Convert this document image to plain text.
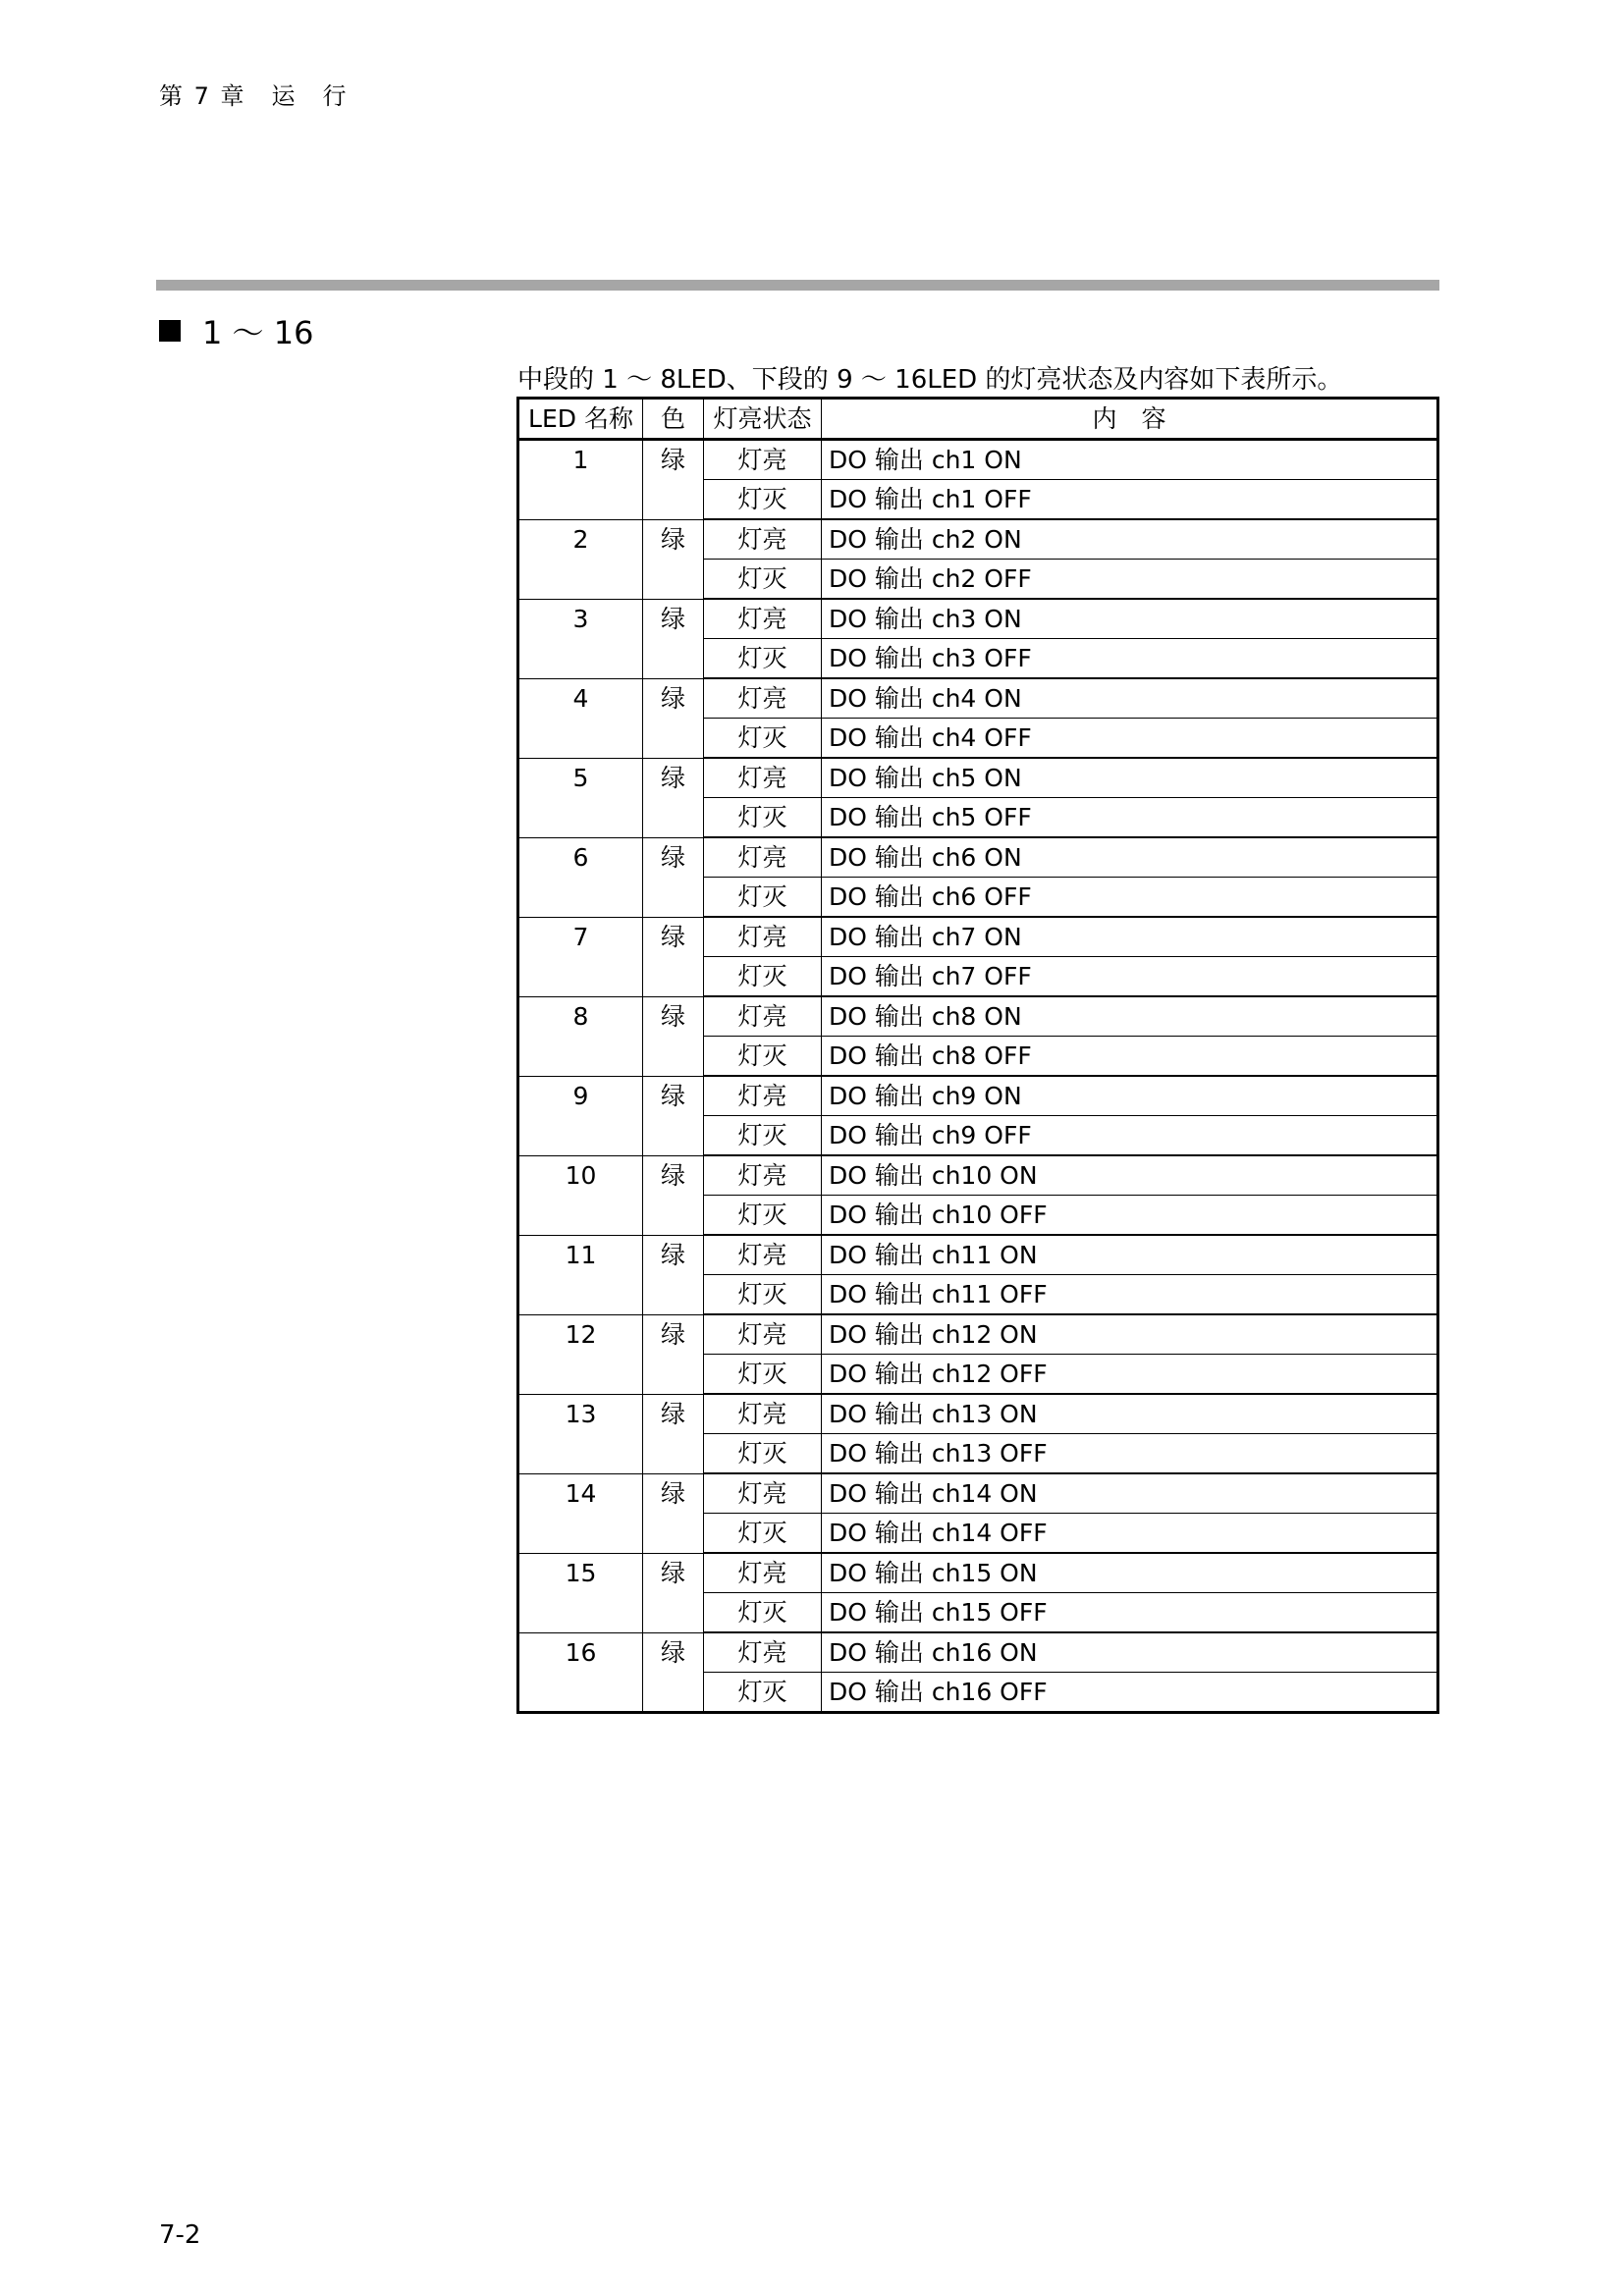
第 7 章　运　行
1 ～ 16
中段的 1 ～ 8LED、下段的 9 ～ 16LED 的灯亮状态及内容如下表所示。
LED 名称	色	灯亮状态	内　容
1	绿	灯亮	DO 输出 ch1 ON
		灯灭	DO 输出 ch1 OFF
2	绿	灯亮	DO 输出 ch2 ON
		灯灭	DO 输出 ch2 OFF
3	绿	灯亮	DO 输出 ch3 ON
		灯灭	DO 输出 ch3 OFF
4	绿	灯亮	DO 输出 ch4 ON
		灯灭	DO 输出 ch4 OFF
5	绿	灯亮	DO 输出 ch5 ON
		灯灭	DO 输出 ch5 OFF
6	绿	灯亮	DO 输出 ch6 ON
		灯灭	DO 输出 ch6 OFF
7	绿	灯亮	DO 输出 ch7 ON
		灯灭	DO 输出 ch7 OFF
8	绿	灯亮	DO 输出 ch8 ON
		灯灭	DO 输出 ch8 OFF
9	绿	灯亮	DO 输出 ch9 ON
		灯灭	DO 输出 ch9 OFF
10	绿	灯亮	DO 输出 ch10 ON
		灯灭	DO 输出 ch10 OFF
11	绿	灯亮	DO 输出 ch11 ON
		灯灭	DO 输出 ch11 OFF
12	绿	灯亮	DO 输出 ch12 ON
		灯灭	DO 输出 ch12 OFF
13	绿	灯亮	DO 输出 ch13 ON
		灯灭	DO 输出 ch13 OFF
14	绿	灯亮	DO 输出 ch14 ON
		灯灭	DO 输出 ch14 OFF
15	绿	灯亮	DO 输出 ch15 ON
		灯灭	DO 输出 ch15 OFF
16	绿	灯亮	DO 输出 ch16 ON
		灯灭	DO 输出 ch16 OFF
7-2
